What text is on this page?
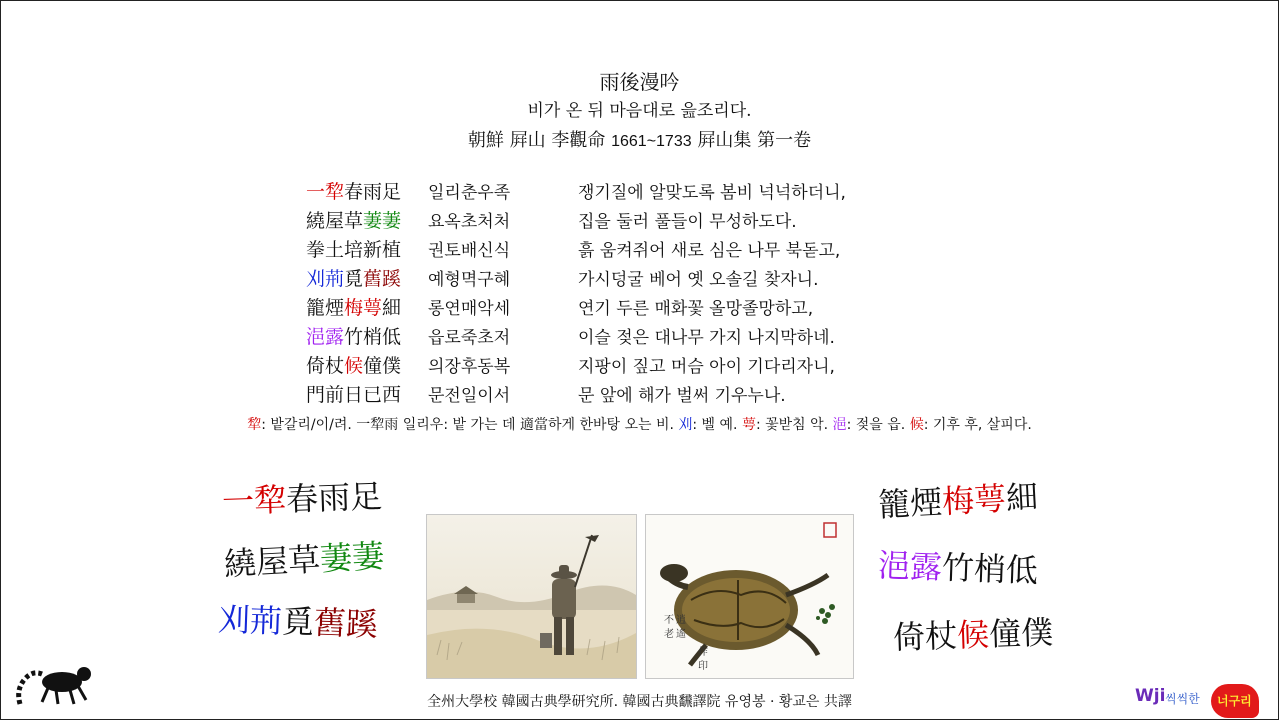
雨後漫吟
비가 온 뒤 마음대로 읊조리다.
朝鮮 屛山 李觀命 1661~1733 屛山集 第一卷
一犂春雨足	일리춘우족	쟁기질에 알맞도록 봄비 넉넉하더니,
繞屋草萋萋	요옥초처처	집을 둘러 풀들이 무성하도다.
拳土培新植	권토배신식	흙 움켜쥐어 새로 심은 나무 북돋고,
刈荊覓舊蹊	예형멱구혜	가시덩굴 베어 옛 오솔길 찾자니.
籠煙梅萼細	롱연매악세	연기 두른 매화꽃 올망졸망하고,
浥露竹梢低	읍로죽초저	이슬 젖은 대나무 가지 나지막하네.
倚杖候僮僕	의장후동복	지팡이 짚고 머슴 아이 기다리자니,
門前日已西	문전일이서	문 앞에 해가 벌써 기우누나.
犂: 밭갈리/이/려. 一犂雨 일리우: 밭 가는 데 適當하게 한바탕 오는 비. 刈: 벨 예. 萼: 꽃받침 악. 浥: 젖을 읍. 候: 기후 후, 살피다.
一犂春雨足
繞屋草萋萋
刈荊覓舊蹊
籠煙梅萼細
浥露竹梢低
倚杖候僮僕
逍
遙
不
老
作
印
全州大學校 韓國古典學研究所. 韓國古典飜譯院 유영봉 · 황교은 共譯	Wji 씩씩한 너구리
